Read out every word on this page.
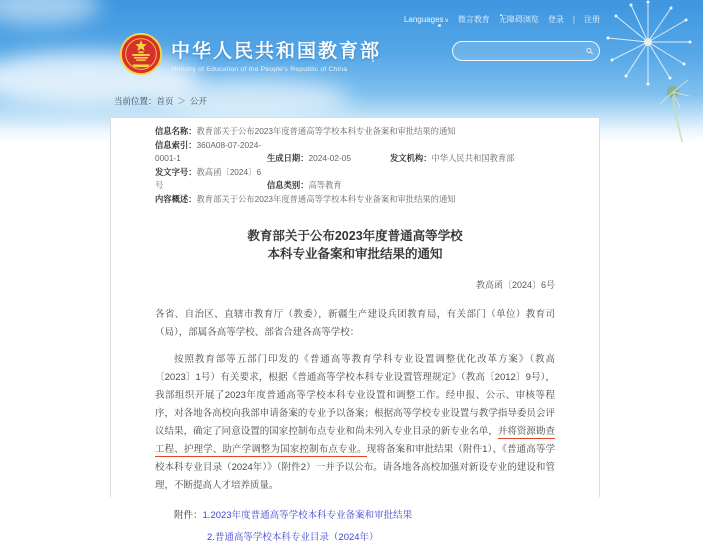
Languages∨ 微言教育 无障碍浏览 登录 | 注册
中华人民共和国教育部
Ministry of Education of the People's Republic of China
当前位置：首页 ＞ 公开
信息名称：教育部关于公布2023年度普通高等学校本科专业备案和审批结果的通知
信息索引：360A08-07-2024-0001-1	生成日期：2024-02-05	发文机构：中华人民共和国教育部
发文字号：教高函〔2024〕6号	信息类别：高等教育
内容概述：教育部关于公布2023年度普通高等学校本科专业备案和审批结果的通知
教育部关于公布2023年度普通高等学校
本科专业备案和审批结果的通知
教高函〔2024〕6号
各省、自治区、直辖市教育厅（教委），新疆生产建设兵团教育局，有关部门（单位）教育司（局），部属各高等学校、部省合建各高等学校：
按照教育部等五部门印发的《普通高等教育学科专业设置调整优化改革方案》（教高〔2023〕1号）有关要求，根据《普通高等学校本科专业设置管理规定》（教高〔2012〕9号），我部组织开展了2023年度普通高等学校本科专业设置和调整工作。经申报、公示、审核等程序，对各地各高校向我部申请备案的专业予以备案；根据高等学校专业设置与教学指导委员会评议结果，确定了同意设置的国家控制布点专业和尚未列入专业目录的新专业名单，并将资源勘查工程、护理学、助产学调整为国家控制布点专业。现将备案和审批结果（附件1）、《普通高等学校本科专业目录（2024年）》（附件2）一并予以公布。请各地各高校加强对新设专业的建设和管理，不断提高人才培养质量。
附件：1.2023年度普通高等学校本科专业备案和审批结果
2.普通高等学校本科专业目录（2024年）
